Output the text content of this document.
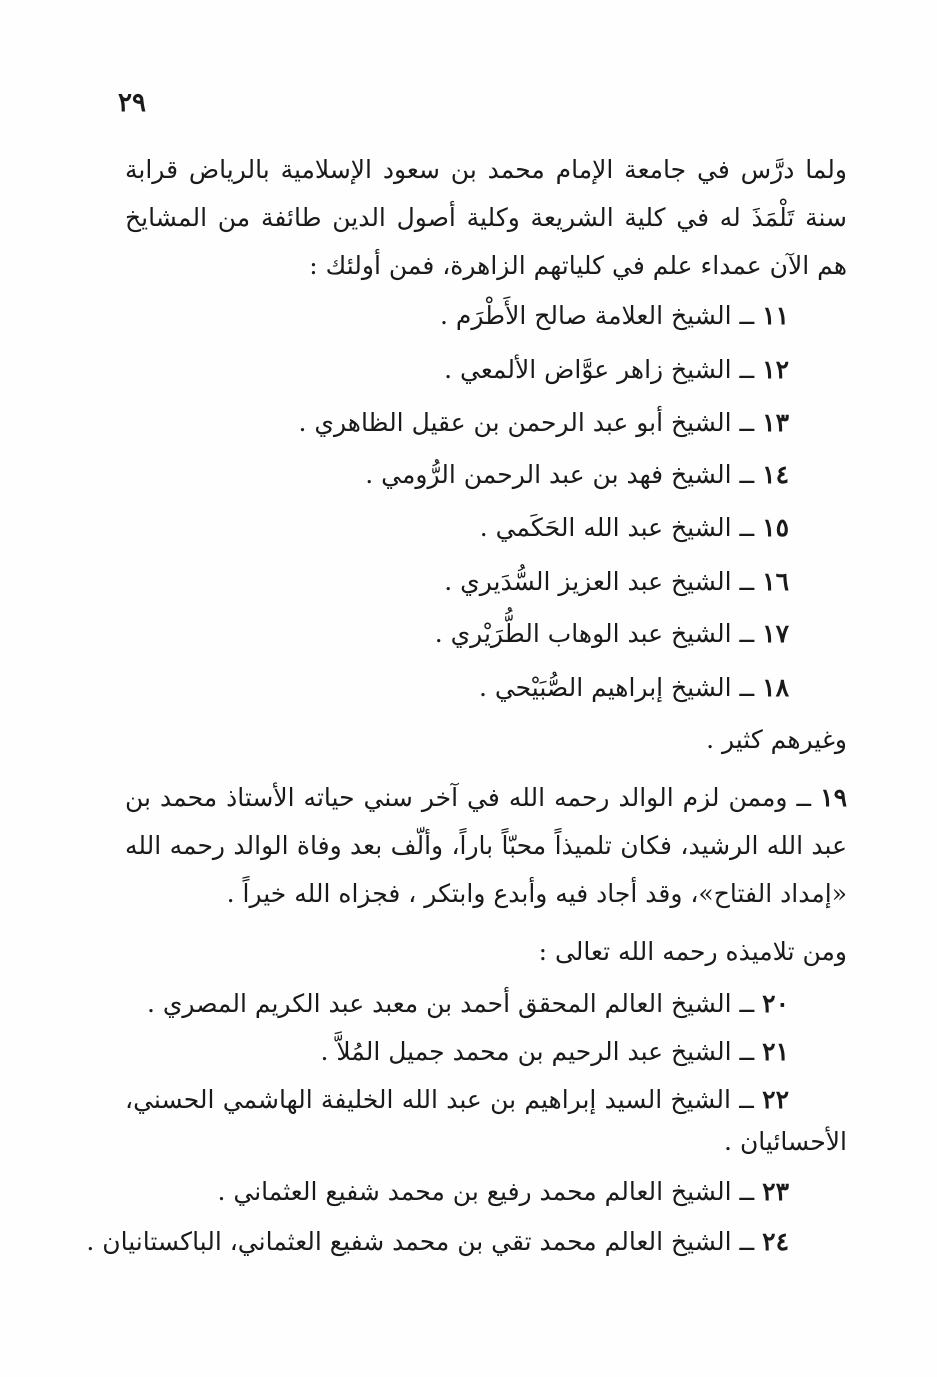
٢٩
ولما درَّس في جامعة الإمام محمد بن سعود الإسلامية بالرياض قرابة
سنة تَلْمَذَ له في كلية الشريعة وكلية أصول الدين طائفة من المشايخ
هم الآن عمداء علم في كلياتهم الزاهرة، فمن أولئك :
١١ ــ الشيخ العلامة صالح الأَطْرَم .
١٢ ــ الشيخ زاهر عوَّاض الألمعي .
١٣ ــ الشيخ أبو عبد الرحمن بن عقيل الظاهري .
١٤ ــ الشيخ فهد بن عبد الرحمن الرُّومي .
١٥ ــ الشيخ عبد الله الحَكَمي .
١٦ ــ الشيخ عبد العزيز السُّدَيري .
١٧ ــ الشيخ عبد الوهاب الطُّرَيْري .
١٨ ــ الشيخ إبراهيم الصُّبَيْحي .
وغيرهم كثير .
١٩ ــ وممن لزم الوالد رحمه الله في آخر سني حياته الأستاذ محمد بن
عبد الله الرشيد، فكان تلميذاً محبّاً باراً، وألّف بعد وفاة الوالد رحمه الله
«إمداد الفتاح»، وقد أجاد فيه وأبدع وابتكر ، فجزاه الله خيراً .
ومن تلاميذه رحمه الله تعالى :
٢٠ ــ الشيخ العالم المحقق أحمد بن معبد عبد الكريم المصري .
٢١ ــ الشيخ عبد الرحيم بن محمد جميل المُلاَّ .
٢٢ ــ الشيخ السيد إبراهيم بن عبد الله الخليفة الهاشمي الحسني،
الأحسائيان .
٢٣ ــ الشيخ العالم محمد رفيع بن محمد شفيع العثماني .
٢٤ ــ الشيخ العالم محمد تقي بن محمد شفيع العثماني، الباكستانيان .
